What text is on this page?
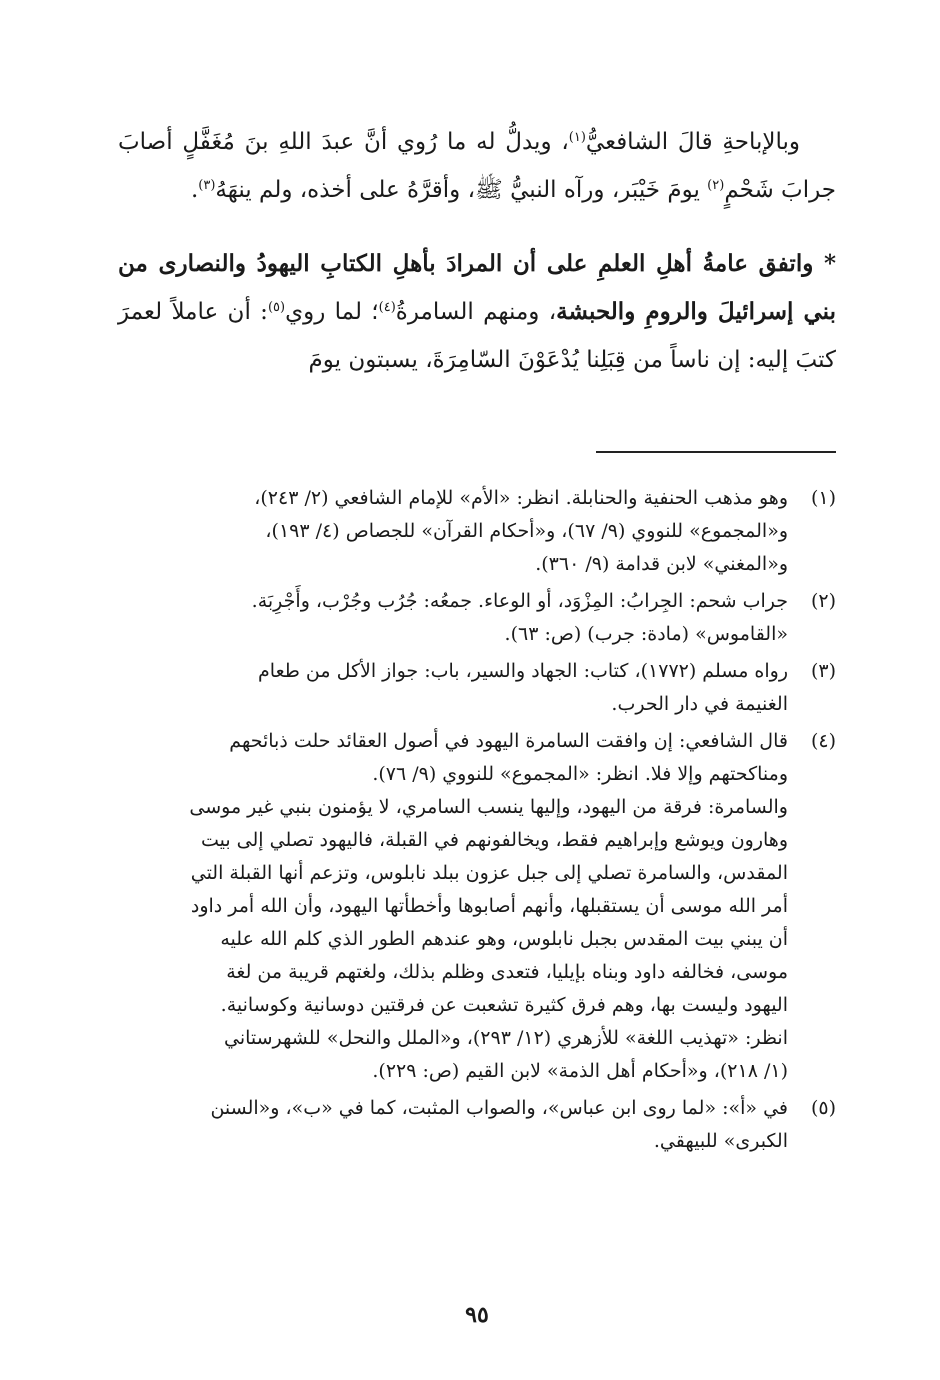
وبالإباحةِ قالَ الشافعيُّ$^{(١)}$، ويدلُّ له ما رُوي أنَّ عبدَ اللهِ بنَ مُغَفَّلٍ أصابَ جرابَ شَحْمٍ$^{(٢)}$ يومَ خَيْبَر، ورآه النبيُّ ﷺ، وأقرَّهُ على أخذه، ولم ينهَهُ$^{(٣)}$.

* واتفق عامةُ أهلِ العلمِ على أن المرادَ بأهلِ الكتابِ اليهودُ والنصارى من بني إسرائيلَ والرومِ والحبشة، ومنهم السامرةُ$^{(٤)}$؛ لما روي$^{(٥)}$: أن عاملاً لعمرَ كتبَ إليه: إن ناساً من قِبَلِنا يُدْعَوْنَ السّامِرَةَ، يسبتون يومَ

(١)

وهو مذهب الحنفية والحنابلة. انظر: «الأم» للإمام الشافعي (٢/ ٢٤٣)،

و«المجموع» للنووي (٩/ ٦٧)، و«أحكام القرآن» للجصاص (٤/ ١٩٣)،

و«المغني» لابن قدامة (٩/ ٣٦٠).

(٢)

جراب شحم: الجِرابُ: المِزْوَد، أو الوعاء. جمعُه: جُرُب وجُرْب، وأَجْرِبَة.

«القاموس» (مادة: جرب) (ص: ٦٣).

(٣)

رواه مسلم (١٧٧٢)، كتاب: الجهاد والسير، باب: جواز الأكل من طعام

الغنيمة في دار الحرب.

(٤)

قال الشافعي: إن وافقت السامرة اليهود في أصول العقائد حلت ذبائحهم

ومناكحتهم وإلا فلا. انظر: «المجموع» للنووي (٩/ ٧٦).

والسامرة: فرقة من اليهود، وإليها ينسب السامري، لا يؤمنون بنبي غير موسى

وهارون ويوشع وإبراهيم فقط، ويخالفونهم في القبلة، فاليهود تصلي إلى بيت

المقدس، والسامرة تصلي إلى جبل عزون ببلد نابلوس، وتزعم أنها القبلة التي

أمر الله موسى أن يستقبلها، وأنهم أصابوها وأخطأتها اليهود، وأن الله أمر داود

أن يبني بيت المقدس بجبل نابلوس، وهو عندهم الطور الذي كلم الله عليه

موسى، فخالفه داود وبناه بإيليا، فتعدى وظلم بذلك، ولغتهم قريبة من لغة

اليهود وليست بها، وهم فرق كثيرة تشعبت عن فرقتين دوسانية وكوسانية.

انظر: «تهذيب اللغة» للأزهري (١٢/ ٢٩٣)، و«الملل والنحل» للشهرستاني

(١/ ٢١٨)، و«أحكام أهل الذمة» لابن القيم (ص: ٢٢٩).

(٥)

في «أ»: «لما روى ابن عباس»، والصواب المثبت، كما في «ب»، و«السنن

الكبرى» للبيهقي.

٩٥
